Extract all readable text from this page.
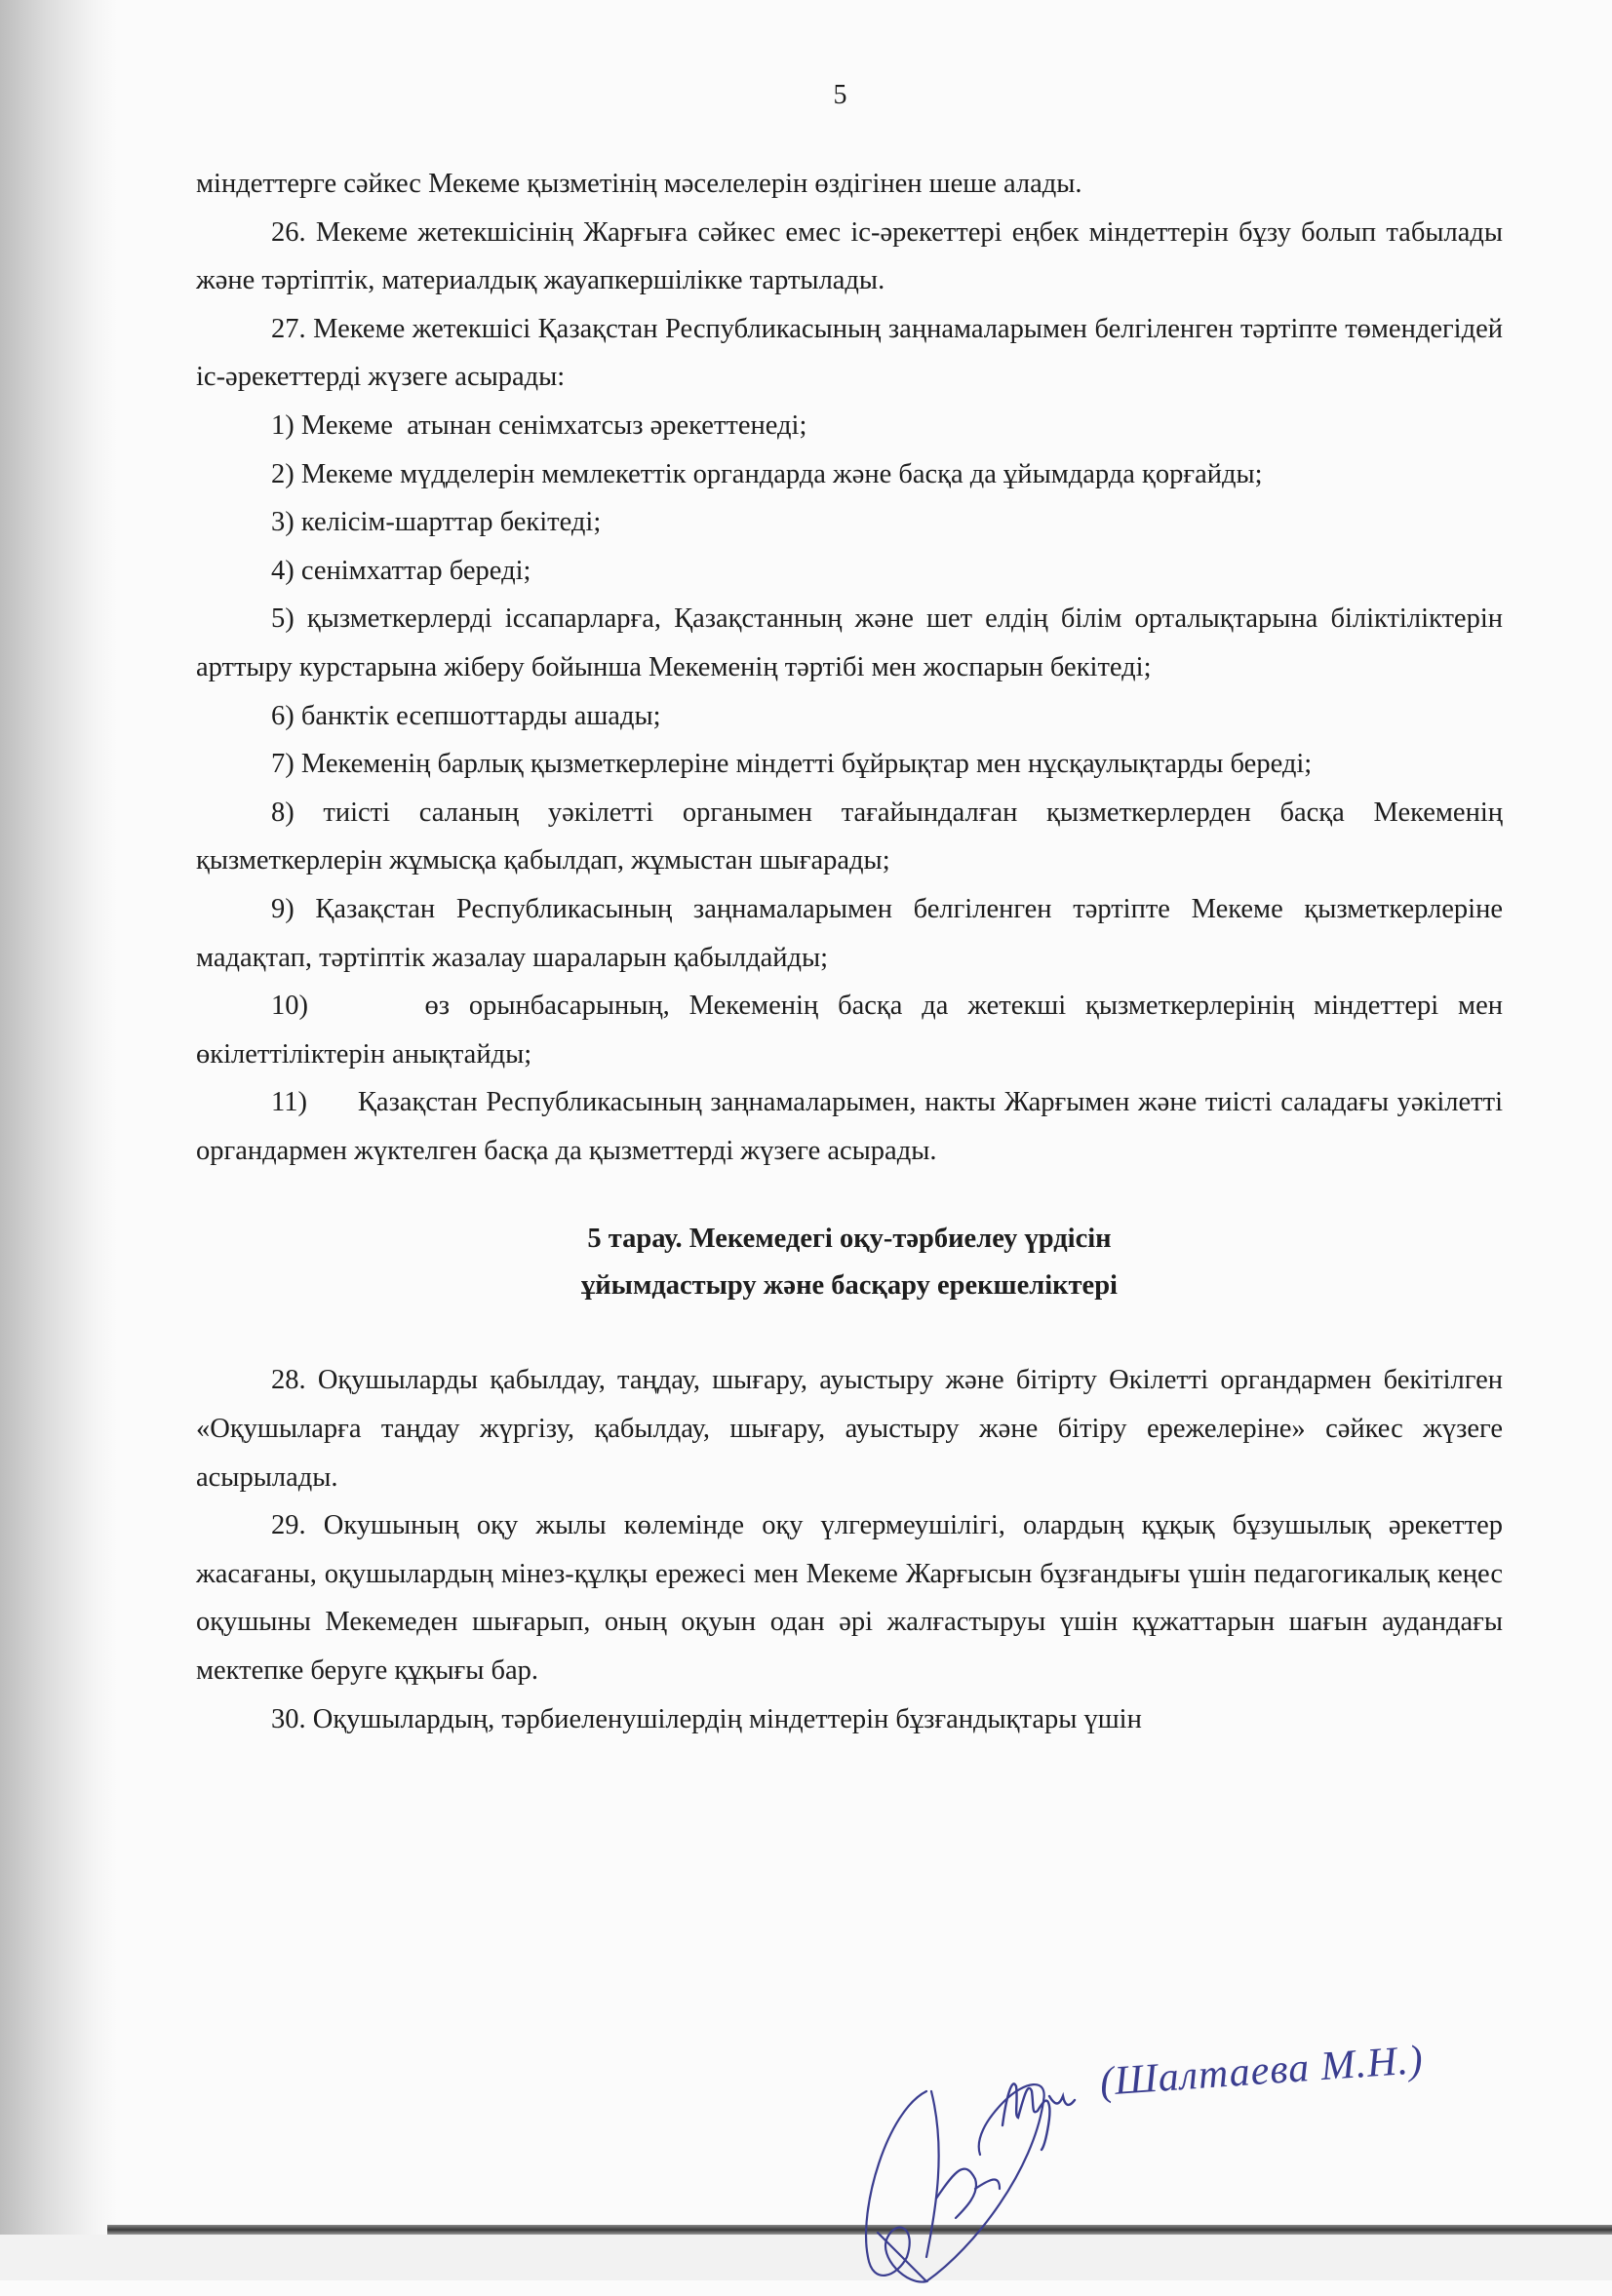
5

міндеттерге сәйкес Мекеме қызметінің мәселелерін өздігінен шеше алады.

26. Мекеме жетекшісінің Жарғыға сәйкес емес іс-әрекеттері еңбек міндеттерін бұзу болып табылады және тәртіптік, материалдық жауапкершілікке тартылады.

27. Мекеме жетекшісі Қазақстан Республикасының заңнамаларымен белгіленген тәртіпте төмендегідей іс-әрекеттерді жүзеге асырады:

1) Мекеме  атынан сенімхатсыз әрекеттенеді;

2) Мекеме мүдделерін мемлекеттік органдарда және басқа да ұйымдарда қорғайды;

3) келісім-шарттар бекітеді;

4) сенімхаттар береді;

5) қызметкерлерді іссапарларға, Қазақстанның және шет елдің білім орталықтарына біліктіліктерін арттыру курстарына жіберу бойынша Мекеменің тәртібі мен жоспарын бекітеді;

6) банктік есепшоттарды ашады;

7) Мекеменің барлық қызметкерлеріне міндетті бұйрықтар мен нұсқаулықтарды береді;

8) тиісті саланың уәкілетті органымен тағайындалған қызметкерлерден басқа Мекеменің қызметкерлерін жұмысқа қабылдап, жұмыстан шығарады;

9) Қазақстан Республикасының заңнамаларымен белгіленген тәртіпте Мекеме қызметкерлеріне мадақтап, тәртіптік жазалау шараларын қабылдайды;

10)      өз орынбасарының, Мекеменің басқа да жетекші қызметкерлерінің міндеттері мен өкілеттіліктерін анықтайды;

11)      Қазақстан Республикасының заңнамаларымен, накты Жарғымен және тиісті саладағы уәкілетті органдармен жүктелген басқа да қызметтерді жүзеге асырады.

5 тарау. Мекемедегі оқу-тәрбиелеу үрдісін
ұйымдастыру және басқару ерекшеліктері

28. Оқушыларды қабылдау, таңдау, шығару, ауыстыру және бітірту Өкілетті органдармен бекітілген «Оқушыларға таңдау жүргізу, қабылдау, шығару, ауыстыру және бітіру ережелеріне» сәйкес жүзеге асырылады.

29. Окушының оқу жылы көлемінде оқу үлгермеушілігі, олардың құқық бұзушылық әрекеттер жасағаны, оқушылардың мінез-құлқы ережесі мен Мекеме Жарғысын бұзғандығы үшін педагогикалық кеңес оқушыны Мекемеден шығарып, оның оқуын одан әрі жалғастыруы үшін құжаттарын шағын аудандағы мектепке беруге құқығы бар.

30. Оқушылардың, тәрбиеленушілердің міндеттерін бұзғандықтары үшін

(Шалтаева М.Н.)
